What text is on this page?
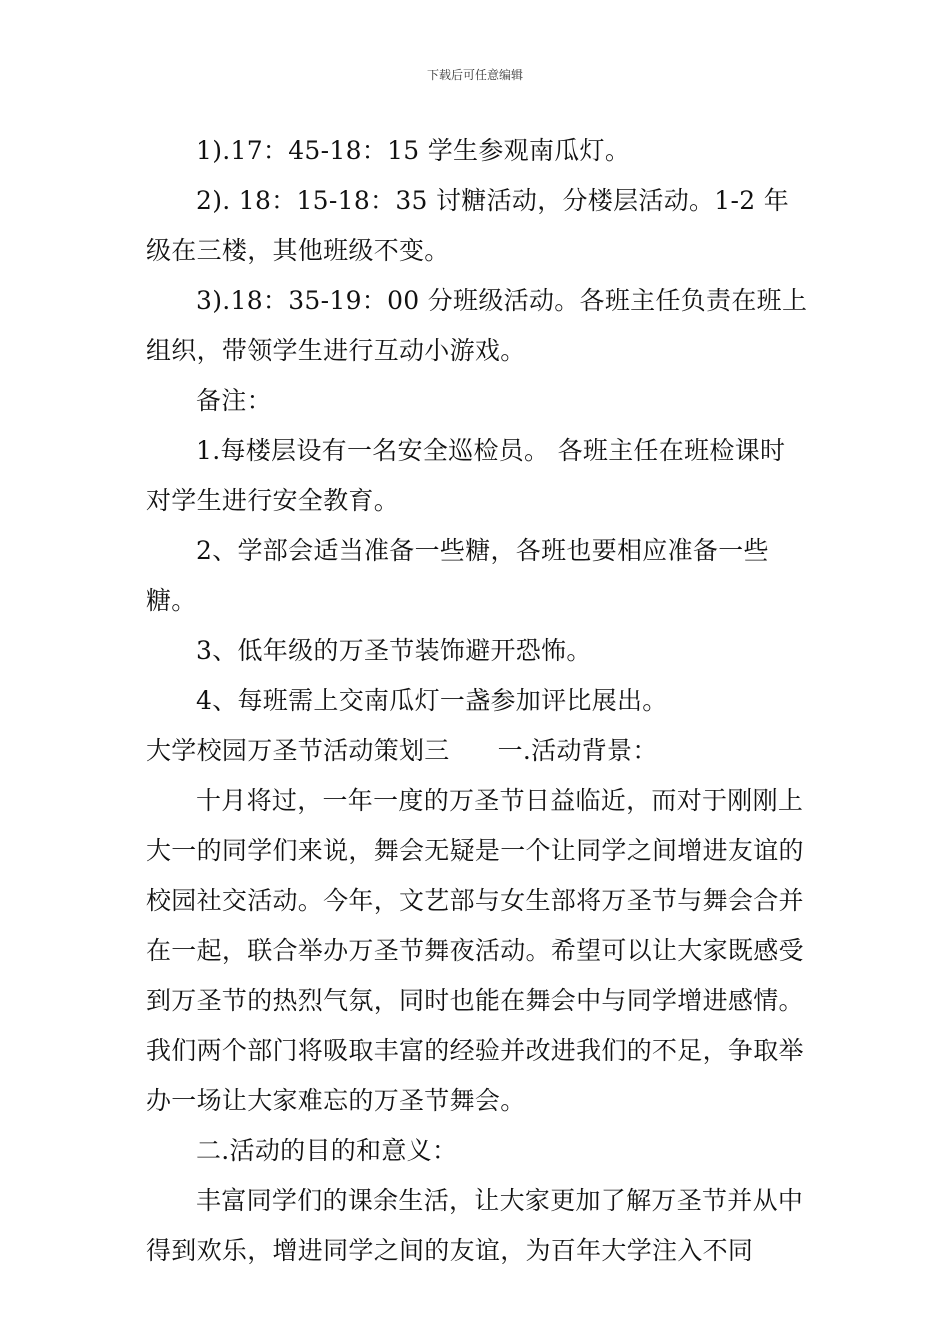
下载后可任意编辑

1).17：45-18：15 学生参观南瓜灯。

2). 18：15-18：35 讨糖活动，分楼层活动。1-2 年级在三楼，其他班级不变。

3).18：35-19：00 分班级活动。各班主任负责在班上组织，带领学生进行互动小游戏。

备注：

1.每楼层设有一名安全巡检员。 各班主任在班检课时对学生进行安全教育。

2、学部会适当准备一些糖，各班也要相应准备一些糖。

3、低年级的万圣节装饰避开恐怖。

4、每班需上交南瓜灯一盏参加评比展出。

大学校园万圣节活动策划三 一.活动背景：

十月将过，一年一度的万圣节日益临近，而对于刚刚上大一的同学们来说，舞会无疑是一个让同学之间增进友谊的校园社交活动。今年，文艺部与女生部将万圣节与舞会合并在一起，联合举办万圣节舞夜活动。希望可以让大家既感受到万圣节的热烈气氛，同时也能在舞会中与同学增进感情。我们两个部门将吸取丰富的经验并改进我们的不足，争取举办一场让大家难忘的万圣节舞会。

二.活动的目的和意义：

丰富同学们的课余生活，让大家更加了解万圣节并从中得到欢乐，增进同学之间的友谊，为百年大学注入不同
